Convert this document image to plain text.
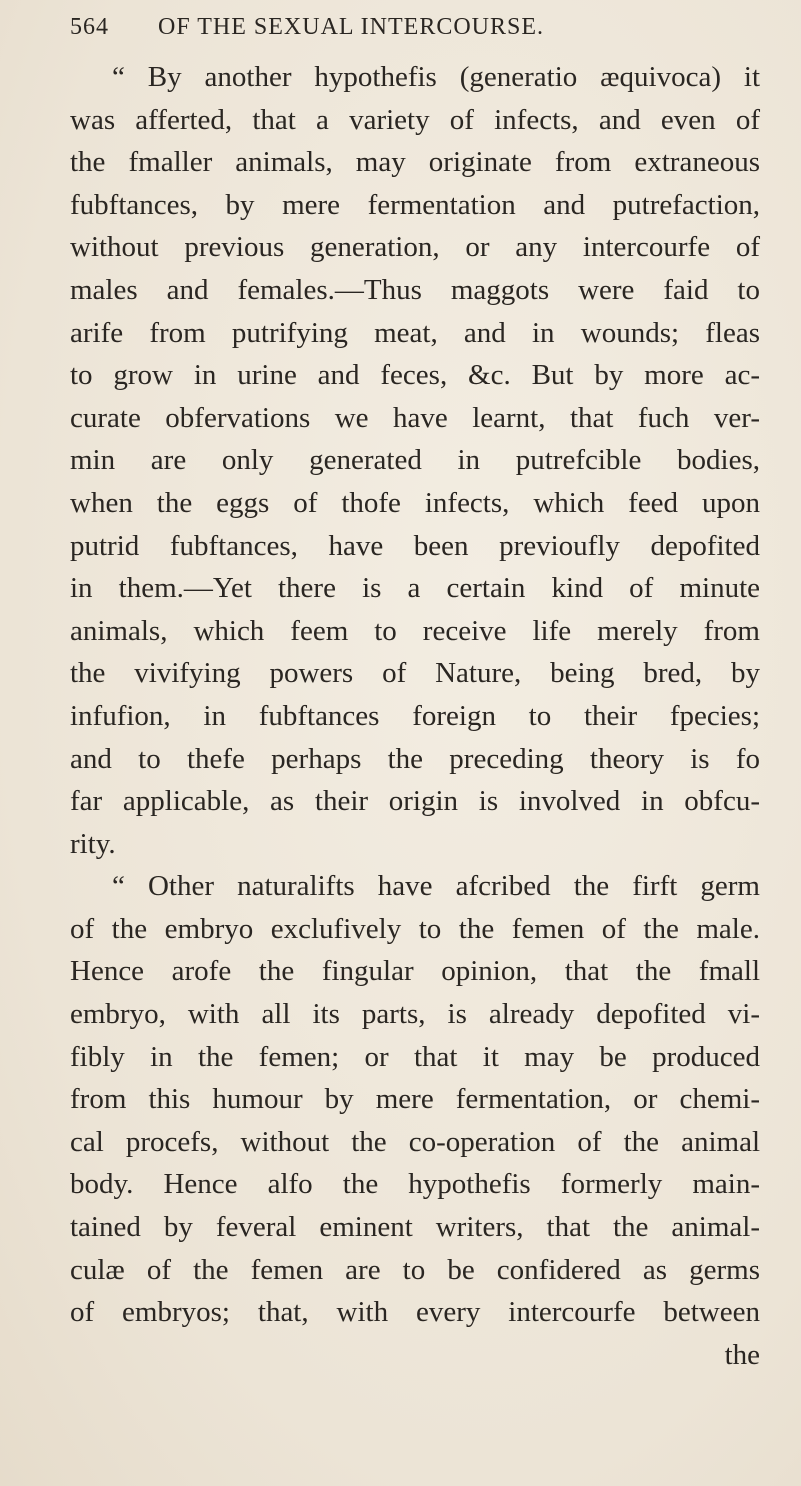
564 OF THE SEXUAL INTERCOURSE.
“ By another hypothefis (generatio æquivoca) it
was afferted, that a variety of infects, and even of
the fmaller animals, may originate from extraneous
fubftances, by mere fermentation and putrefaction,
without previous generation, or any intercourfe of
males and females.—Thus maggots were faid to
arife from putrifying meat, and in wounds; fleas
to grow in urine and feces, &c. But by more ac-
curate obfervations we have learnt, that fuch ver-
min are only generated in putrefcible bodies,
when the eggs of thofe infects, which feed upon
putrid fubftances, have been previoufly depofited
in them.—Yet there is a certain kind of minute
animals, which feem to receive life merely from
the vivifying powers of Nature, being bred, by
infufion, in fubftances foreign to their fpecies;
and to thefe perhaps the preceding theory is fo
far applicable, as their origin is involved in obfcu-
rity.
“ Other naturalifts have afcribed the firft germ
of the embryo exclufively to the femen of the male.
Hence arofe the fingular opinion, that the fmall
embryo, with all its parts, is already depofited vi-
fibly in the femen; or that it may be produced
from this humour by mere fermentation, or chemi-
cal procefs, without the co-operation of the animal
body. Hence alfo the hypothefis formerly main-
tained by feveral eminent writers, that the animal-
culæ of the femen are to be confidered as germs
of embryos; that, with every intercourfe between
the
